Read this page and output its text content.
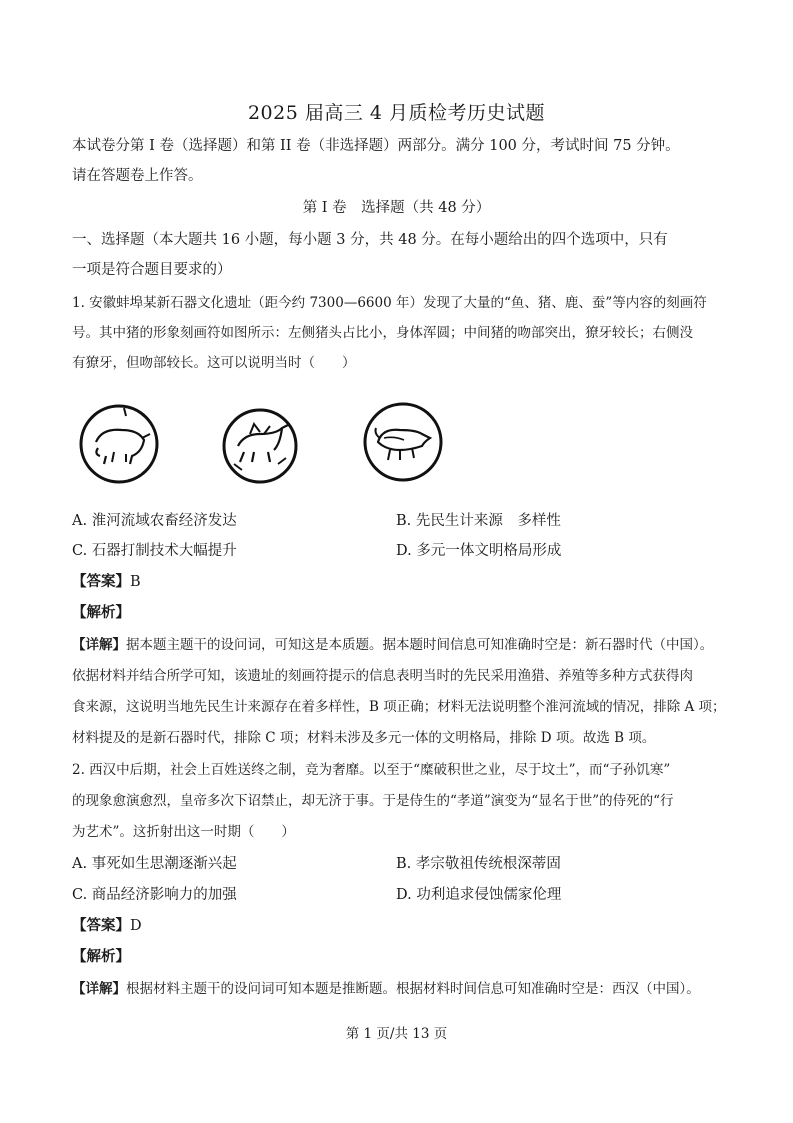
2025 届高三 4 月质检考历史试题
本试卷分第 I 卷（选择题）和第 II 卷（非选择题）两部分。满分 100 分，考试时间 75 分钟。
请在答题卷上作答。
第 I 卷　选择题（共 48 分）
一、选择题（本大题共 16 小题，每小题 3 分，共 48 分。在每小题给出的四个选项中，只有
一项是符合题目要求的）
1. 安徽蚌埠某新石器文化遗址（距今约 7300—6600 年）发现了大量的“鱼、猪、鹿、蚕”等内容的刻画符
号。其中猪的形象刻画符如图所示：左侧猪头占比小，身体浑圆；中间猪的吻部突出，獠牙较长；右侧没
有獠牙，但吻部较长。这可以说明当时（　　）
A. 淮河流域农畜经济发达	B. 先民生计来源　多样性
C. 石器打制技术大幅提升	D. 多元一体文明格局形成
【答案】B
【解析】
【详解】据本题主题干的设问词，可知这是本质题。据本题时间信息可知准确时空是：新石器时代（中国）。
依据材料并结合所学可知，该遗址的刻画符提示的信息表明当时的先民采用渔猎、养殖等多种方式获得肉
食来源，这说明当地先民生计来源存在着多样性，B 项正确；材料无法说明整个淮河流域的情况，排除 A 项；
材料提及的是新石器时代，排除 C 项；材料未涉及多元一体的文明格局，排除 D 项。故选 B 项。
2. 西汉中后期，社会上百姓送终之制，竞为奢靡。以至于“糜破积世之业，尽于坟土”，而“子孙饥寒”
的现象愈演愈烈，皇帝多次下诏禁止，却无济于事。于是侍生的“孝道”演变为“显名于世”的侍死的“行
为艺术”。这折射出这一时期（　　）
A. 事死如生思潮逐渐兴起	B. 孝宗敬祖传统根深蒂固
C. 商品经济影响力的加强	D. 功利追求侵蚀儒家伦理
【答案】D
【解析】
【详解】根据材料主题干的设问词可知本题是推断题。根据材料时间信息可知准确时空是：西汉（中国）。
第 1 页/共 13 页
